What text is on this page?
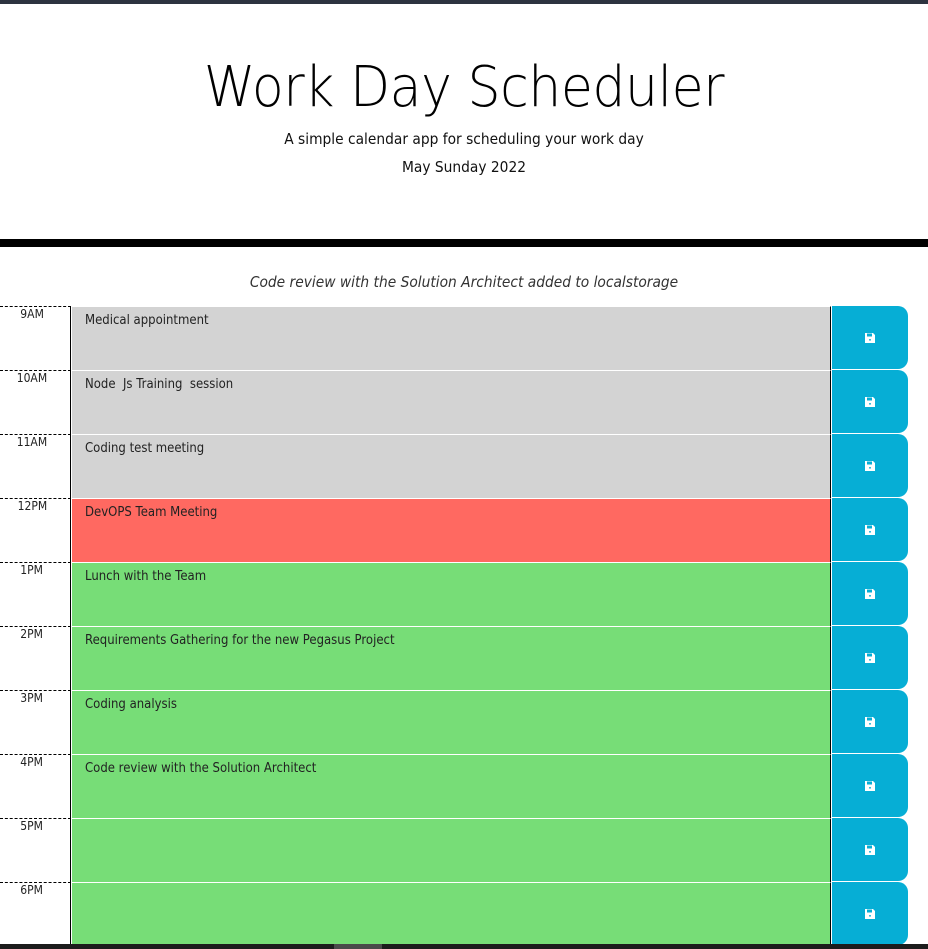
Work Day Scheduler

A simple calendar app for scheduling your work day

May Sunday 2022

Code review with the Solution Architect added to localstorage

9AM	Medical appointment
10AM	Node  Js Training  session
11AM	Coding test meeting
12PM	DevOPS Team Meeting
1PM	Lunch with the Team
2PM	Requirements Gathering for the new Pegasus Project
3PM	Coding analysis
4PM	Code review with the Solution Architect
5PM
6PM
